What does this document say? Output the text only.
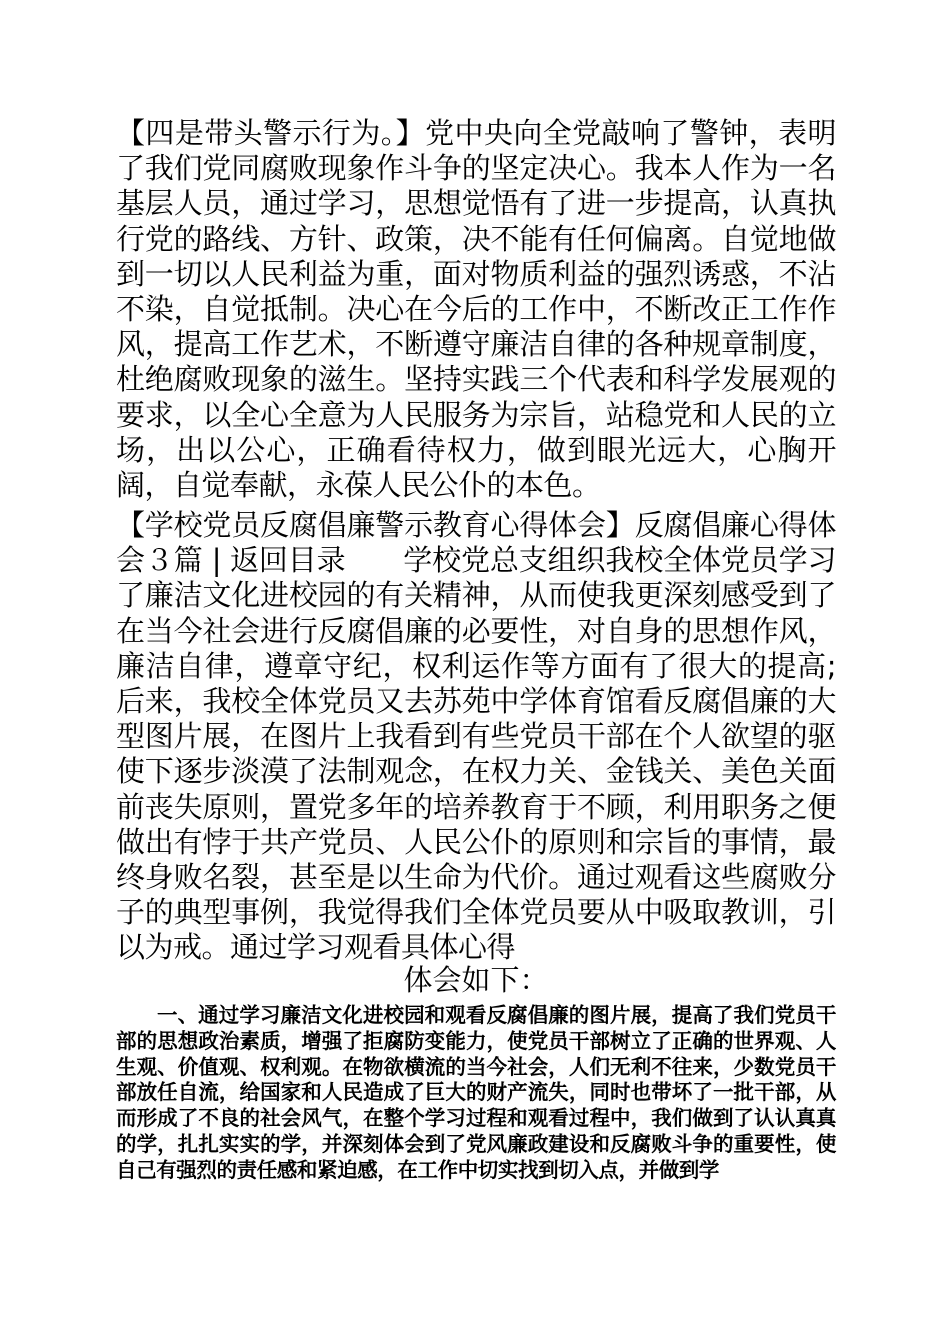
【四是带头警示行为。】党中央向全党敲响了警钟，表明了我们党同腐败现象作斗争的坚定决心。我本人作为一名基层人员，通过学习，思想觉悟有了进一步提高，认真执行党的路线、方针、政策，决不能有任何偏离。自觉地做到一切以人民利益为重，面对物质利益的强烈诱惑，不沾不染，自觉抵制。决心在今后的工作中，不断改正工作作风，提高工作艺术，不断遵守廉洁自律的各种规章制度，杜绝腐败现象的滋生。坚持实践三个代表和科学发展观的要求，以全心全意为人民服务为宗旨，站稳党和人民的立场，出以公心，正确看待权力，做到眼光远大，心胸开阔，自觉奉献，永葆人民公仆的本色。

【学校党员反腐倡廉警示教育心得体会】反腐倡廉心得体会３篇 | 返回目录　　学校党总支组织我校全体党员学习了廉洁文化进校园的有关精神，从而使我更深刻感受到了在当今社会进行反腐倡廉的必要性，对自身的思想作风，廉洁自律，遵章守纪，权利运作等方面有了很大的提高;后来，我校全体党员又去苏苑中学体育馆看反腐倡廉的大型图片展，在图片上我看到有些党员干部在个人欲望的驱使下逐步淡漠了法制观念，在权力关、金钱关、美色关面前丧失原则，置党多年的培养教育于不顾，利用职务之便做出有悖于共产党员、人民公仆的原则和宗旨的事情，最终身败名裂，甚至是以生命为代价。通过观看这些腐败分子的典型事例，我觉得我们全体党员要从中吸取教训，引以为戒。通过学习观看具体心得

体会如下：

一、通过学习廉洁文化进校园和观看反腐倡廉的图片展，提高了我们党员干部的思想政治素质，增强了拒腐防变能力，使党员干部树立了正确的世界观、人生观、价值观、权利观。在物欲横流的当今社会，人们无利不往来，少数党员干部放任自流，给国家和人民造成了巨大的财产流失，同时也带坏了一批干部，从而形成了不良的社会风气，在整个学习过程和观看过程中，我们做到了认认真真的学，扎扎实实的学，并深刻体会到了党风廉政建设和反腐败斗争的重要性，使自己有强烈的责任感和紧迫感，在工作中切实找到切入点，并做到学
